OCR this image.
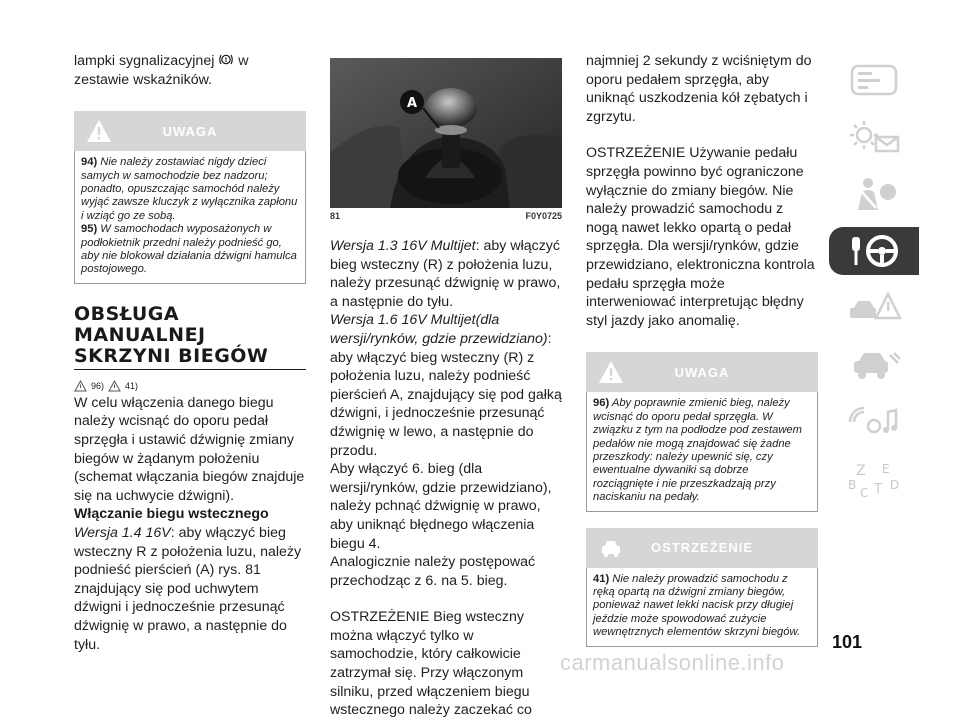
lampki sygnalizacyjnej ! w zestawie wskaźników.
UWAGA
94) Nie należy zostawiać nigdy dzieci samych w samochodzie bez nadzoru; ponadto, opuszczając samochód należy wyjąć zawsze kluczyk z wyłącznika zapłonu i wziąć go ze sobą.
95) W samochodach wyposażonych w podłokietnik przedni należy podnieść go, aby nie blokował działania dźwigni hamulca postojowego.
OBSŁUGA MANUALNEJ SKRZYNI BIEGÓW
96) 41)
W celu włączenia danego biegu należy wcisnąć do oporu pedał sprzęgła i ustawić dźwignię zmiany biegów w żądanym położeniu (schemat włączania biegów znajduje się na uchwycie dźwigni).
Włączanie biegu wstecznego
Wersja 1.4 16V: aby włączyć bieg wsteczny R z położenia luzu, należy podnieść pierścień (A) rys. 81 znajdujący się pod uchwytem dźwigni i jednocześnie przesunąć dźwignię w prawo, a następnie do tyłu.
A
81	F0Y0725
Wersja 1.3 16V Multijet: aby włączyć bieg wsteczny (R) z położenia luzu, należy przesunąć dźwignię w prawo, a następnie do tyłu.
Wersja 1.6 16V Multijet(dla wersji/rynków, gdzie przewidziano): aby włączyć bieg wsteczny (R) z położenia luzu, należy podnieść pierścień A, znajdujący się pod gałką dźwigni, i jednocześnie przesunąć dźwignię w lewo, a następnie do przodu.
Aby włączyć 6. bieg (dla wersji/rynków, gdzie przewidziano), należy pchnąć dźwignię w prawo, aby uniknąć błędnego włączenia biegu 4.
Analogicznie należy postępować przechodząc z 6. na 5. bieg.
OSTRZEŻENIE Bieg wsteczny można włączyć tylko w samochodzie, który całkowicie zatrzymał się. Przy włączonym silniku, przed włączeniem biegu wstecznego należy zaczekać co
najmniej 2 sekundy z wciśniętym do oporu pedałem sprzęgła, aby uniknąć uszkodzenia kół zębatych i zgrzytu.
OSTRZEŻENIE Używanie pedału sprzęgła powinno być ograniczone wyłącznie do zmiany biegów. Nie należy prowadzić samochodu z nogą nawet lekko opartą o pedał sprzęgła. Dla wersji/rynków, gdzie przewidziano, elektroniczna kontrola pedału sprzęgła może interweniować interpretując błędny styl jazdy jako anomalię.
UWAGA
96) Aby poprawnie zmienić bieg, należy wcisnąć do oporu pedał sprzęgła. W związku z tym na podłodze pod zestawem pedałów nie mogą znajdować się żadne przeszkody: należy upewnić się, czy ewentualne dywaniki są dobrze rozciągnięte i nie przeszkadzają przy naciskaniu na pedały.
OSTRZEŻENIE
41) Nie należy prowadzić samochodu z ręką opartą na dźwigni zmiany biegów, ponieważ nawet lekki nacisk przy długiej jeździe może spowodować zużycie wewnętrznych elementów skrzyni biegów.
Z E
B
C T D
101
carmanualsonline.info
